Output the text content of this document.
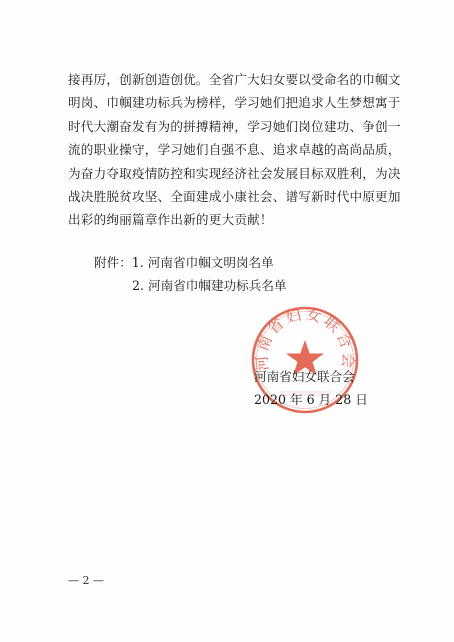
接再厉，创新创造创优。全省广大妇女要以受命名的巾帼文
明岗、巾帼建功标兵为榜样，学习她们把追求人生梦想寓于
时代大潮奋发有为的拼搏精神，学习她们岗位建功、争创一
流的职业操守，学习她们自强不息、追求卓越的高尚品质，
为奋力夺取疫情防控和实现经济社会发展目标双胜利，为决
战决胜脱贫攻坚、全面建成小康社会、谱写新时代中原更加
出彩的绚丽篇章作出新的更大贡献！
附件：1. 河南省巾帼文明岗名单
2. 河南省巾帼建功标兵名单
河南省妇女联合会
河南省妇女联合会
2020 年 6 月 28 日
— 2 —
